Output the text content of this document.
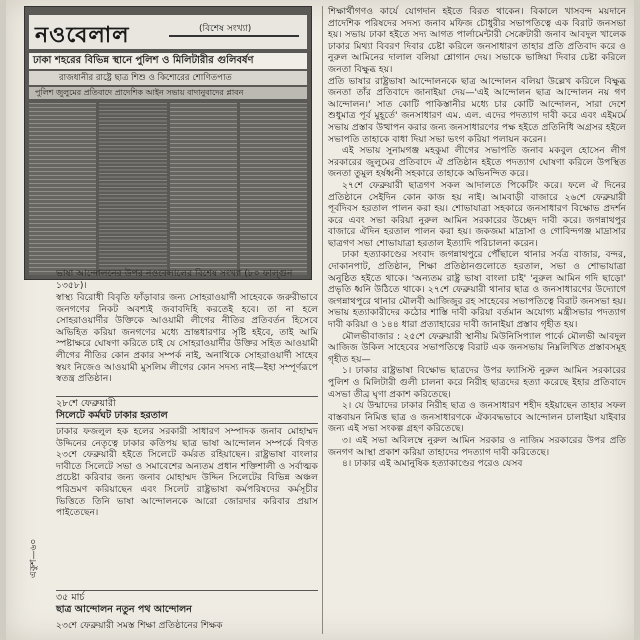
নওবেলাল	(বিশেষ সংখ্যা)
ঢাকা শহরের বিভিন্ন স্থানে পুলিশ ও মিলিটারীর গুলিবর্ষণ
রাজধানীর রাষ্ট্রে ছাত্র শিশু ও কিশোরের শোণিতপাত
পুলিশ জুলুমের প্রতিবাদে প্রাদেশিক আইন সভায় বাদানুবাদের প্লাবন
ভাষা আন্দোলনের উপর নওবেলালের বিশেষ সংখ্যা (৮০ ফাল্গুন ১৩৫৮)।
স্বাস্থ্য বিরোধী বিবৃতি ফাঁড়াবার জন্য সোহরাওয়ার্দী সাহেবকে জরুরীভাবে জনগণের নিকট অবশ্যই জবাবদিহি করতেই হবে। তা না হলে সোহরাওয়ার্দীর উক্তিকে আওয়ামী লীগের নীতির প্রতিবর্তন হিসেবে অভিহিত করিয়া জনগণের মধ্যে ভ্রান্তধারণার সৃষ্টি হইবে, তাই আমি স্পষ্টাক্ষরে ঘোষণা করিতে চাই যে সোহরাওয়ার্দীর উক্তির সহিত আওয়ামী লীগের নীতির কোন প্রকার সম্পর্ক নাই, অনাথিকে সোহরাওয়ার্দী সাহেব স্বয়ং নিজেও আওয়ামী মুসলিম লীগের কোন সদস্য নাই—ইহা সম্পূর্ণরূপে স্বতন্ত্র প্রতিষ্ঠান।
২৮শে ফেব্রুয়ারী
সিলেটে কর্মঘট ঢাকার হরতাল
ঢাকার ফজলুল হক হলের সরকারী সাধারণ সম্পাদক জনাব মোহাম্মদ উদ্দিনের নেতৃত্বে ঢাকার কতিপয় ছাত্র ভাষা আন্দোলন সম্পর্কে বিগত ২৩শে ফেব্রুয়ারী হইতে সিলেটে কর্মরত রহিয়াছেন। রাষ্ট্রভাষা বাংলার দাবীতে সিলেটে সভা ও সমাবেশের অন্যতম প্রধান শক্তিশালী ও সর্বাত্মক প্রচেষ্টা করিবার জন্য জনাব মোহাম্মদ উদ্দিন সিলেটের বিভিন্ন অঞ্চল পরিভ্রমণ করিয়াছেন এবং সিলেট রাষ্ট্রভাষা কর্মপরিষদের কর্মসূচীর ভিত্তিতে তিনি ভাষা আন্দোলনকে আরো জোরদার করিবার প্রয়াস পাইতেছেন।
৩৫ মার্চ
ছাত্র আন্দোলন নতুন পথ আন্দোলন
২৩শে ফেব্রুয়ারী সমস্ত শিক্ষা প্রতিষ্ঠানের শিক্ষক
একুশ—৬০

শিক্ষার্থীগণও কার্যে যোগদান হইতে বিরত থাকেন। বিকালে খাসবন্দ ময়দানে প্রাদেশিক পরিষদের সদস্য জনাব মফিজ চৌধুরীর সভাপতিত্বে এক বিরাট জনসভা হয়। সভায় ঢাকা হইতে সদ্য আগত পার্লামেন্টারী সেক্রেটারী জনাব আবদুল খালেক ঢাকার মিথ্যা বিবরণ দিবার চেষ্টা করিলে জনসাধারণ তাহার প্রতি প্রতিবাদ করে ও নুরুল আমিনের দালাল বলিয়া শ্লোগান দেয়। সভাকে ভাঙ্গিয়া দিবার চেষ্টা করিলে জনতা বিক্ষুব্ধ হয়।

প্রতি ভাষার রাষ্ট্রভাষা আন্দোলনকে ছাত্র আন্দোলন বলিয়া উল্লেখ করিলে বিক্ষুব্ধ জনতা তাঁর প্রতিবাদে জানাইয়া দেয়—'এই আন্দোলন ছাত্র আন্দোলন নয় গণ আন্দোলন।' সাত কোটি পাকিস্তানীর মধ্যে চার কোটি আন্দোলন, সারা দেশে শুধুমাত্র পূর্ব মুহূর্তে' জনসাধারণ এম. এল. এদের পদত্যাগ দাবী করে এবং এইমর্মে সভায় প্রস্তাব উত্থাপন করার জন্য জনসাধারণের পক্ষ হইতে প্রতিনিধি অগ্রসর হইলে সভাপতি তাহাকে বাধা দিয়া সভা ভংগ করিয়া পলায়ন করেন।

এই সভায় সুনামগঞ্জ মহকুমা লীগের সভাপতি জনাব মকবুল হোসেন লীগ সরকারের জুলুমের প্রতিবাদে ঐ প্রতিষ্ঠান হইতে পদত্যাগ ঘোষণা করিলে উপস্থিত জনতা তুমুল হর্ষধ্বনী সহকারে তাহাকে অভিনন্দিত করে।

২৭শে ফেব্রুয়ারী ছাত্রগণ সকল আদালতে পিকেটিং করে। ফলে ঐ দিনের প্রতিষ্ঠানে সেইদিন কোন কাজ হয় নাই। আমবাড়ী বাজারে ২৬শে ফেব্রুয়ারী পূর্বদিবস হরতাল পালন করা হয়। শোভাযাত্রা সহকারে জনসাধারণ বিক্ষোভ প্রদর্শন করে এবং সভা করিয়া নুরুল আমিন সরকারের উচ্ছেদ দাবী করে। জগন্নাথপুর বাজারে ঐদিন হরতাল পালন করা হয়। জকজমা মাদ্রাসা ও গোবিন্দগঞ্জ মাদ্রাসার ছাত্রগণ সভা শোভাযাত্রা হরতাল ইত্যাদি পরিচালনা করেন।

ঢাকা হত্যাকাণ্ডের সংবাদ জগন্নাথপুরে পৌঁছালে থানার সর্বত্র বাজার, বন্দর, দোকানপাট, প্রতিষ্ঠান, শিক্ষা প্রতিষ্ঠানগুলোতে হরতাল, সভা ও শোভাযাত্রা অনুষ্ঠিত হইতে থাকে। 'অন্যতম রাষ্ট্র ভাষা বাংলা চাই' 'নুরুল আমিন গদি ছাড়ো' প্রভৃতি ধ্বনি উঠিতে থাকে। ২৭শে ফেব্রুয়ারী থানার ছাত্র ও জনসাধারণের উদ্যোগে জগন্নাথপুরে থানার মৌলবী আজিজুর রহ সাহেবের সভাপতিত্বে বিরাট জনসভা হয়। সভায় হত্যাকারীদের কঠোর শাস্তি দাবী করিয়া বর্তমান অযোগ্য মন্ত্রীসভার পদত্যাগ দাবী করিয়া ও ১৪৪ ধারা প্রত্যাহারের দাবী জানাইয়া প্রস্তাব গৃহীত হয়।

মৌলভীবাজার : ২৫শে ফেব্রুয়ারী স্থানীয় মিউনিসিপ্যাল পার্কে মৌলভী আবদুল আজিজ উকিল সাহেবের সভাপতিত্বে বিরাট এক জনসভায় নিম্নলিখিত প্রস্তাবসমূহ গৃহীত হয়—

১। ঢাকার রাষ্ট্রভাষা বিক্ষোভ ছাত্রদের উপর ফ্যাসিস্ট নুরুল আমিন সরকারের পুলিশ ও মিলিটারী গুলী চালনা করে নিরীহ ছাত্রদের হত্যা করেছে ইহার প্রতিবাদে এসভা তীব্র ঘৃণা প্রকাশ করিতেছে।

২। যে উন্মাদের ঢাকার নিরীহ ছাত্র ও জনসাধারণ শহীদ হইয়াছেন তাহার সফল বাস্তবায়ন নিমিত্ত ছাত্র ও জনসাধারণকে ঐক্যবদ্ধভাবে আন্দোলন চালাইয়া যাইবার জন্য এই সভা সংকল্প গ্রহণ করিতেছে।

৩। এই সভা অবিলম্বে নুরুল আমিন সরকার ও নাজিম সরকারের উপর প্রতি জনগণ আস্থা প্রকাশ করিয়া তাহাদের পদত্যাগ দাবী করিতেছে।

৪। ঢাকার এই অমানুষিক হত্যাকাণ্ডের পরেও যেসব
